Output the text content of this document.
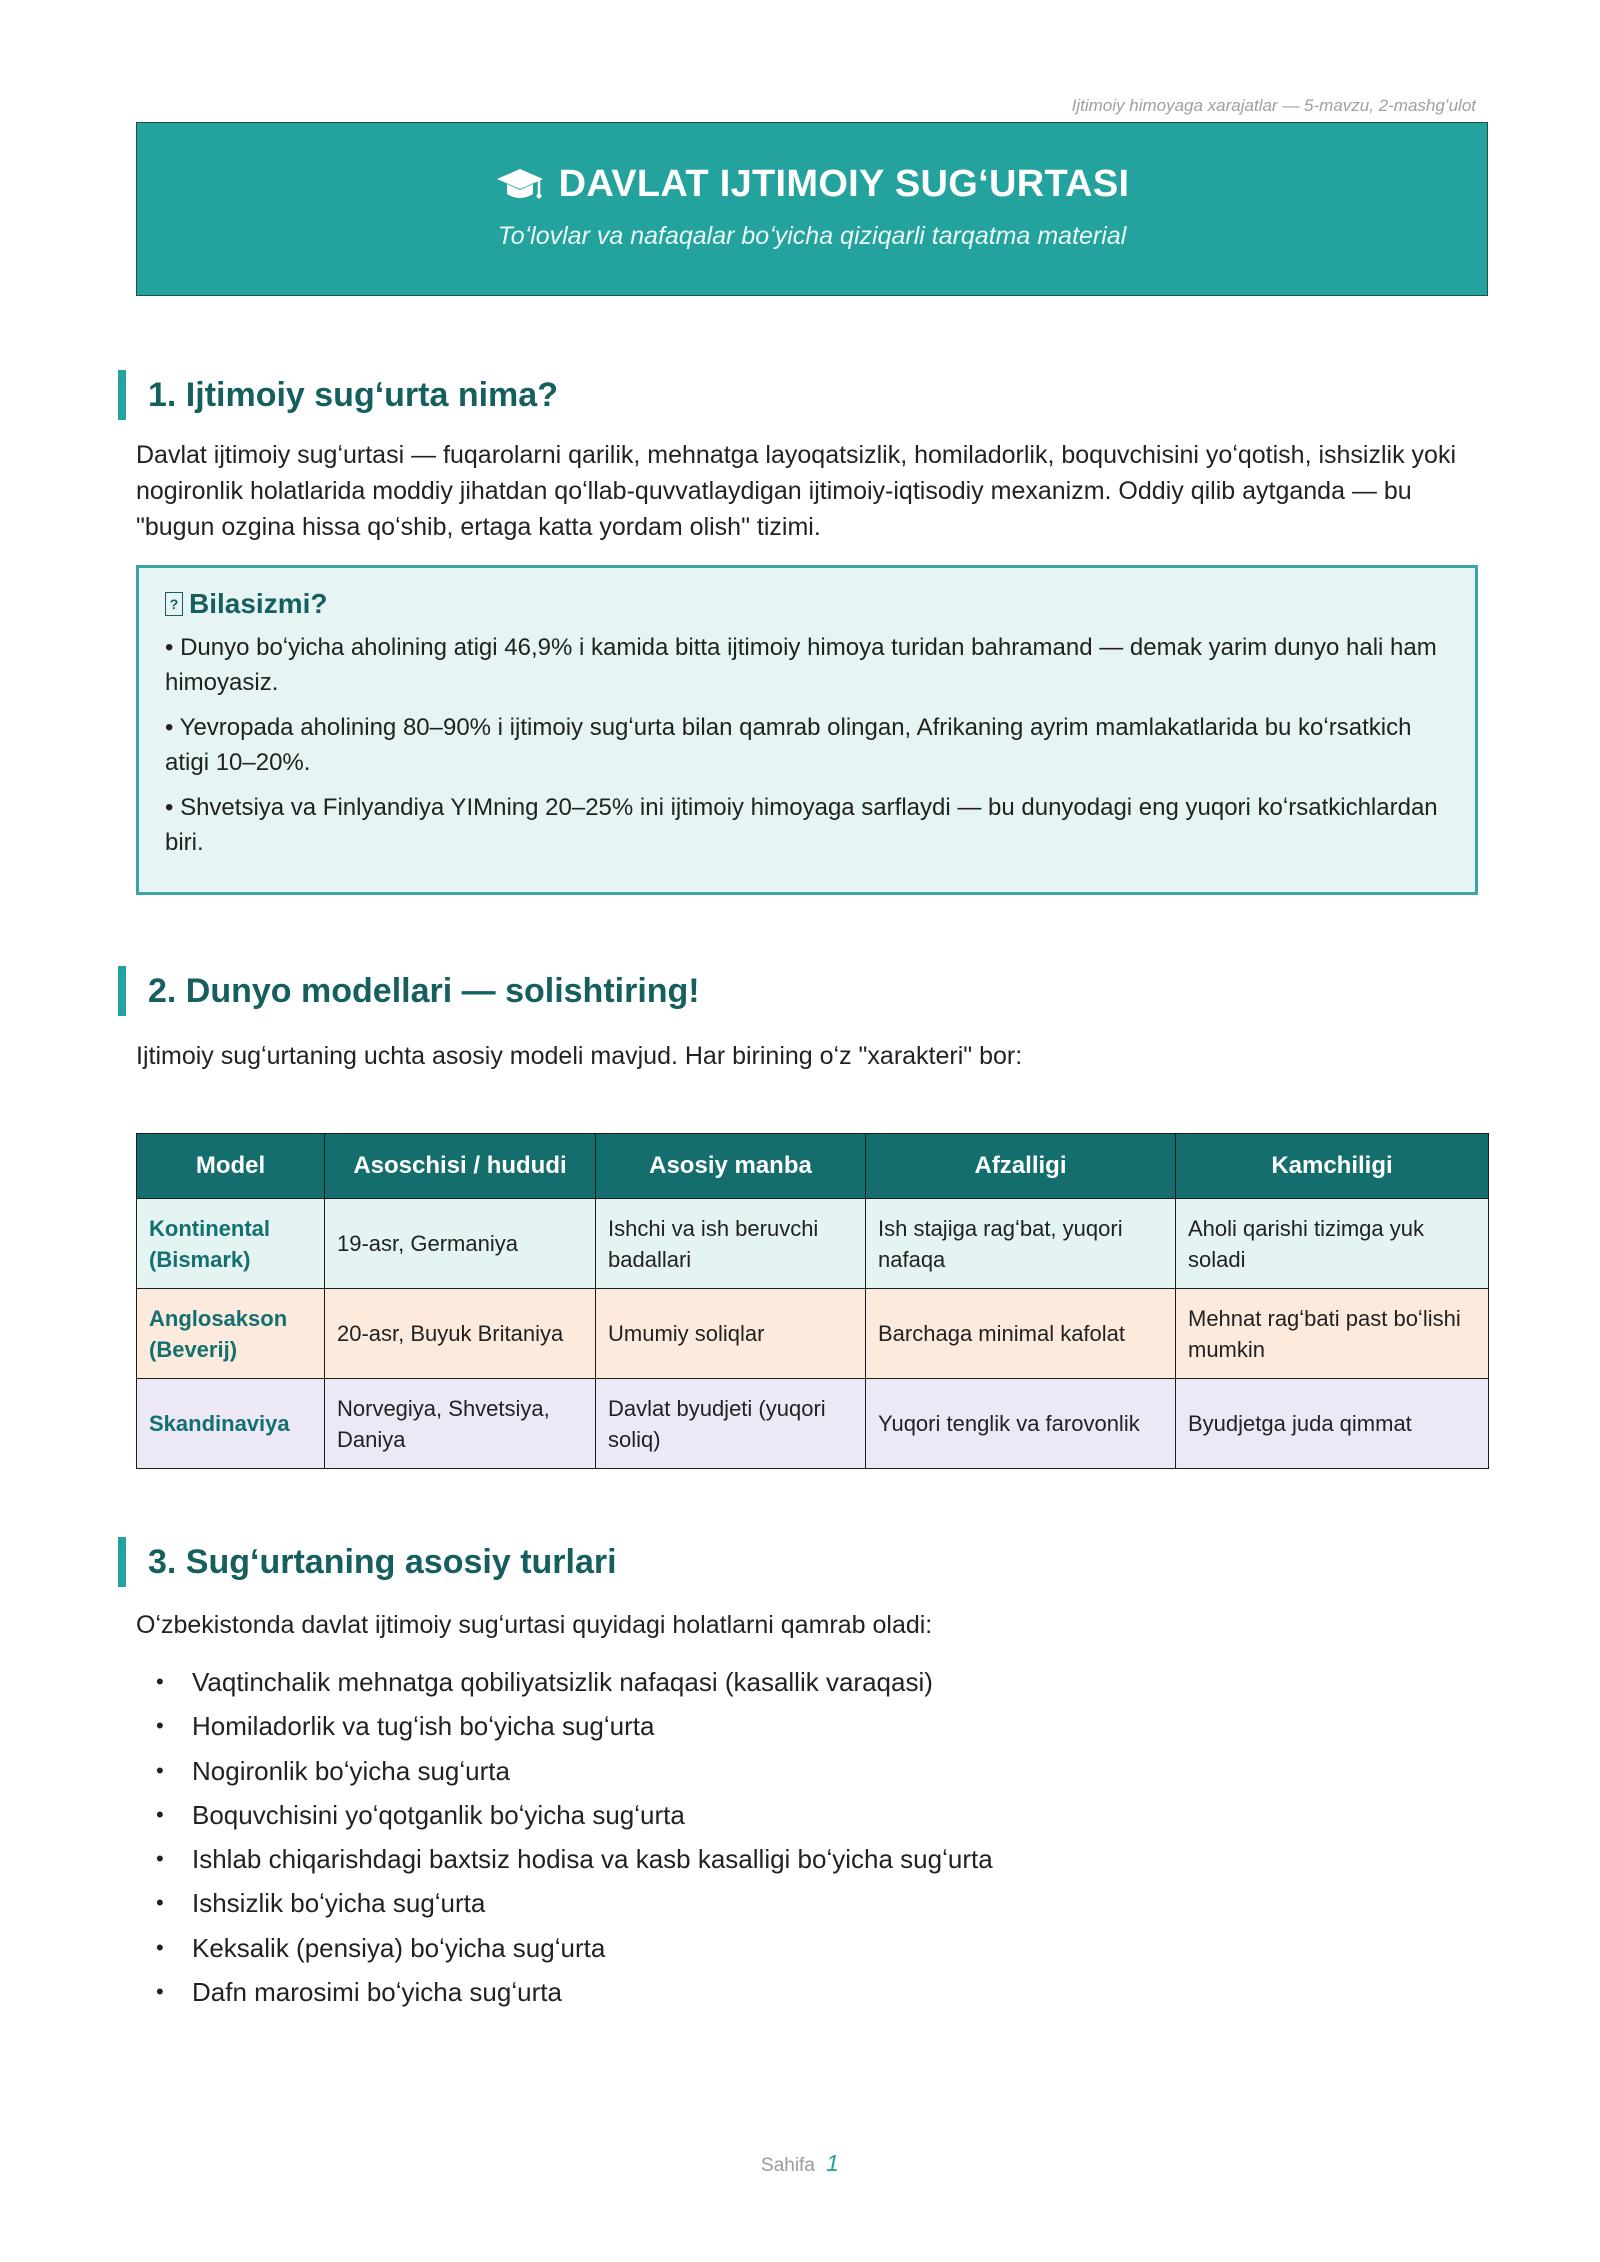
Ijtimoiy himoyaga xarajatlar — 5-mavzu, 2-mashgʻulot
DAVLAT IJTIMOIY SUGʻURTASI
Toʻlovlar va nafaqalar boʻyicha qiziqarli tarqatma material
1. Ijtimoiy sugʻurta nima?
Davlat ijtimoiy sugʻurtasi — fuqarolarni qarilik, mehnatga layoqatsizlik, homiladorlik, boquvchisini yoʻqotish, ishsizlik yoki nogironlik holatlarida moddiy jihatdan qoʻllab-quvvatlaydigan ijtimoiy-iqtisodiy mexanizm. Oddiy qilib aytganda — bu "bugun ozgina hissa qoʻshib, ertaga katta yordam olish" tizimi.
? Bilasizmi?
• Dunyo boʻyicha aholining atigi 46,9% i kamida bitta ijtimoiy himoya turidan bahramand — demak yarim dunyo hali ham himoyasiz.
• Yevropada aholining 80–90% i ijtimoiy sugʻurta bilan qamrab olingan, Afrikaning ayrim mamlakatlarida bu koʻrsatkich atigi 10–20%.
• Shvetsiya va Finlyandiya YIMning 20–25% ini ijtimoiy himoyaga sarflaydi — bu dunyodagi eng yuqori koʻrsatkichlardan biri.
2. Dunyo modellari — solishtiring!
Ijtimoiy sugʻurtaning uchta asosiy modeli mavjud. Har birining oʻz "xarakteri" bor:
Model	Asoschisi / hududi	Asosiy manba	Afzalligi	Kamchiligi
Kontinental (Bismark)	19-asr, Germaniya	Ishchi va ish beruvchi badallari	Ish stajiga ragʻbat, yuqori nafaqa	Aholi qarishi tizimga yuk soladi
Anglosakson (Beverij)	20-asr, Buyuk Britaniya	Umumiy soliqlar	Barchaga minimal kafolat	Mehnat ragʻbati past boʻlishi mumkin
Skandinaviya	Norvegiya, Shvetsiya, Daniya	Davlat byudjeti (yuqori soliq)	Yuqori tenglik va farovonlik	Byudjetga juda qimmat
3. Sugʻurtaning asosiy turlari
Oʻzbekistonda davlat ijtimoiy sugʻurtasi quyidagi holatlarni qamrab oladi:
• Vaqtinchalik mehnatga qobiliyatsizlik nafaqasi (kasallik varaqasi)
• Homiladorlik va tugʻish boʻyicha sugʻurta
• Nogironlik boʻyicha sugʻurta
• Boquvchisini yoʻqotganlik boʻyicha sugʻurta
• Ishlab chiqarishdagi baxtsiz hodisa va kasb kasalligi boʻyicha sugʻurta
• Ishsizlik boʻyicha sugʻurta
• Keksalik (pensiya) boʻyicha sugʻurta
• Dafn marosimi boʻyicha sugʻurta
Sahifa 1
